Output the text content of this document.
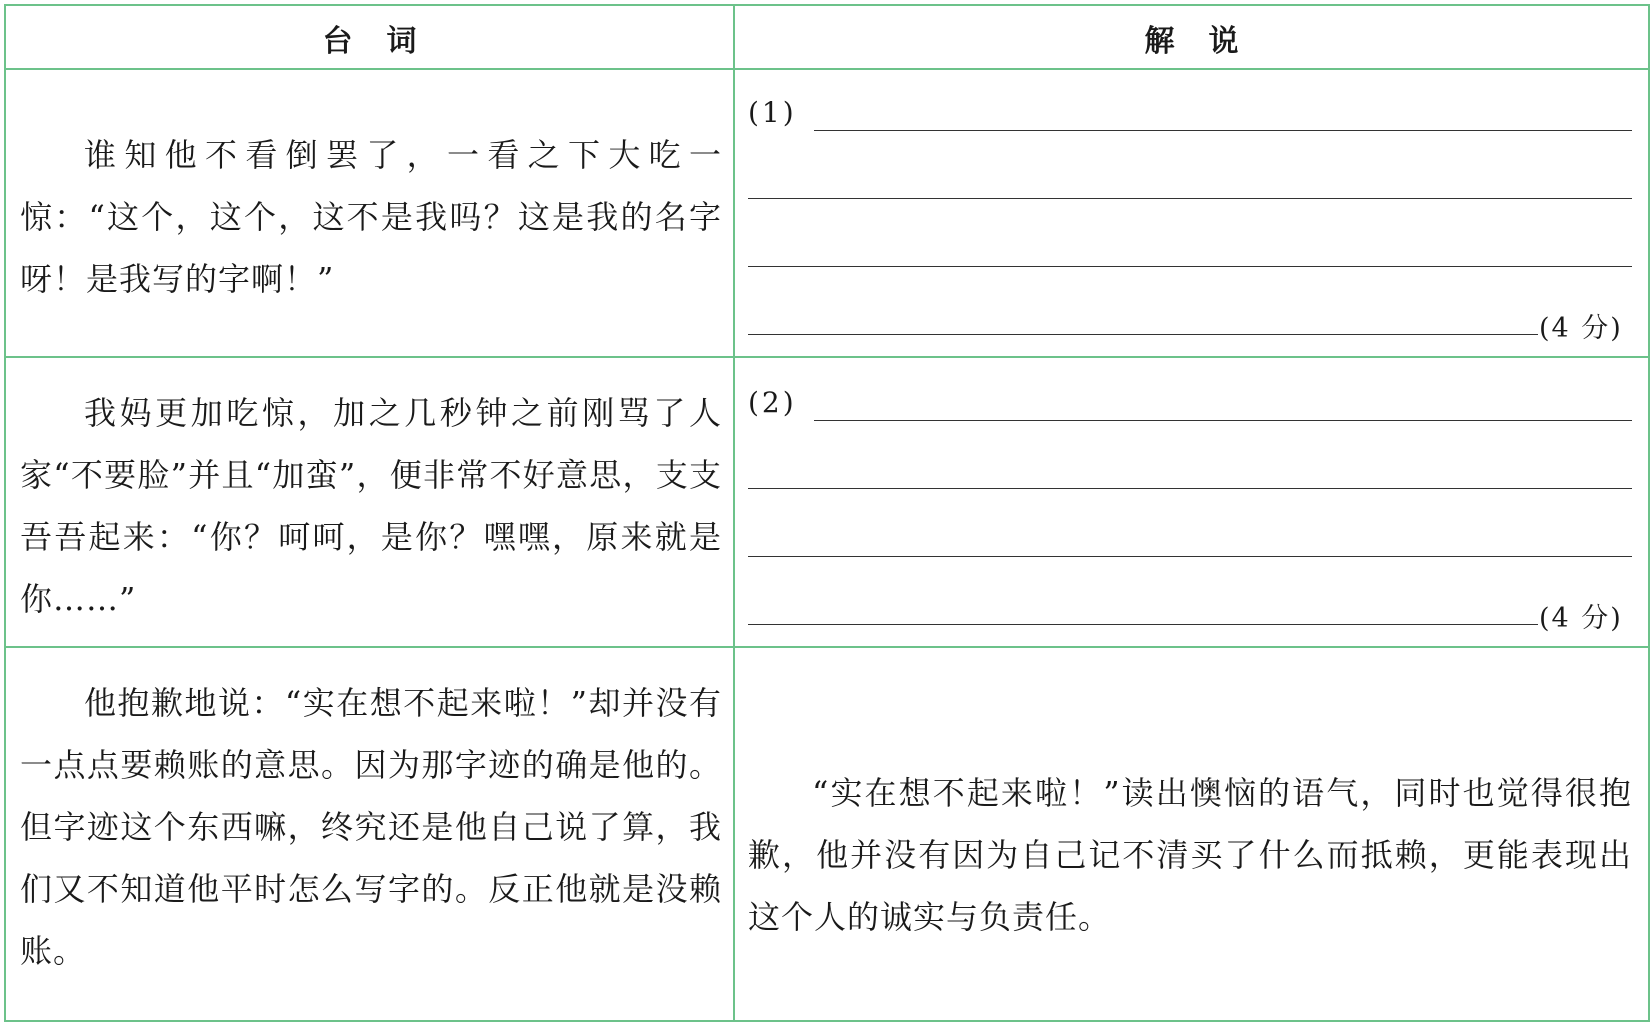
台词	解说
谁知他不看倒罢了，一看之下大吃一惊：“这个，这个，这不是我吗？这是我的名字呀！是我写的字啊！”
(1)
(4 分)
我妈更加吃惊，加之几秒钟之前刚骂了人家“不要脸”并且“加蛮”，便非常不好意思，支支吾吾起来：“你？呵呵，是你？嘿嘿，原来就是你……”
(2)
(4 分)
他抱歉地说：“实在想不起来啦！”却并没有一点点要赖账的意思。因为那字迹的确是他的。但字迹这个东西嘛，终究还是他自己说了算，我们又不知道他平时怎么写字的。反正他就是没赖账。
“实在想不起来啦！”读出懊恼的语气，同时也觉得很抱歉，他并没有因为自己记不清买了什么而抵赖，更能表现出这个人的诚实与负责任。
